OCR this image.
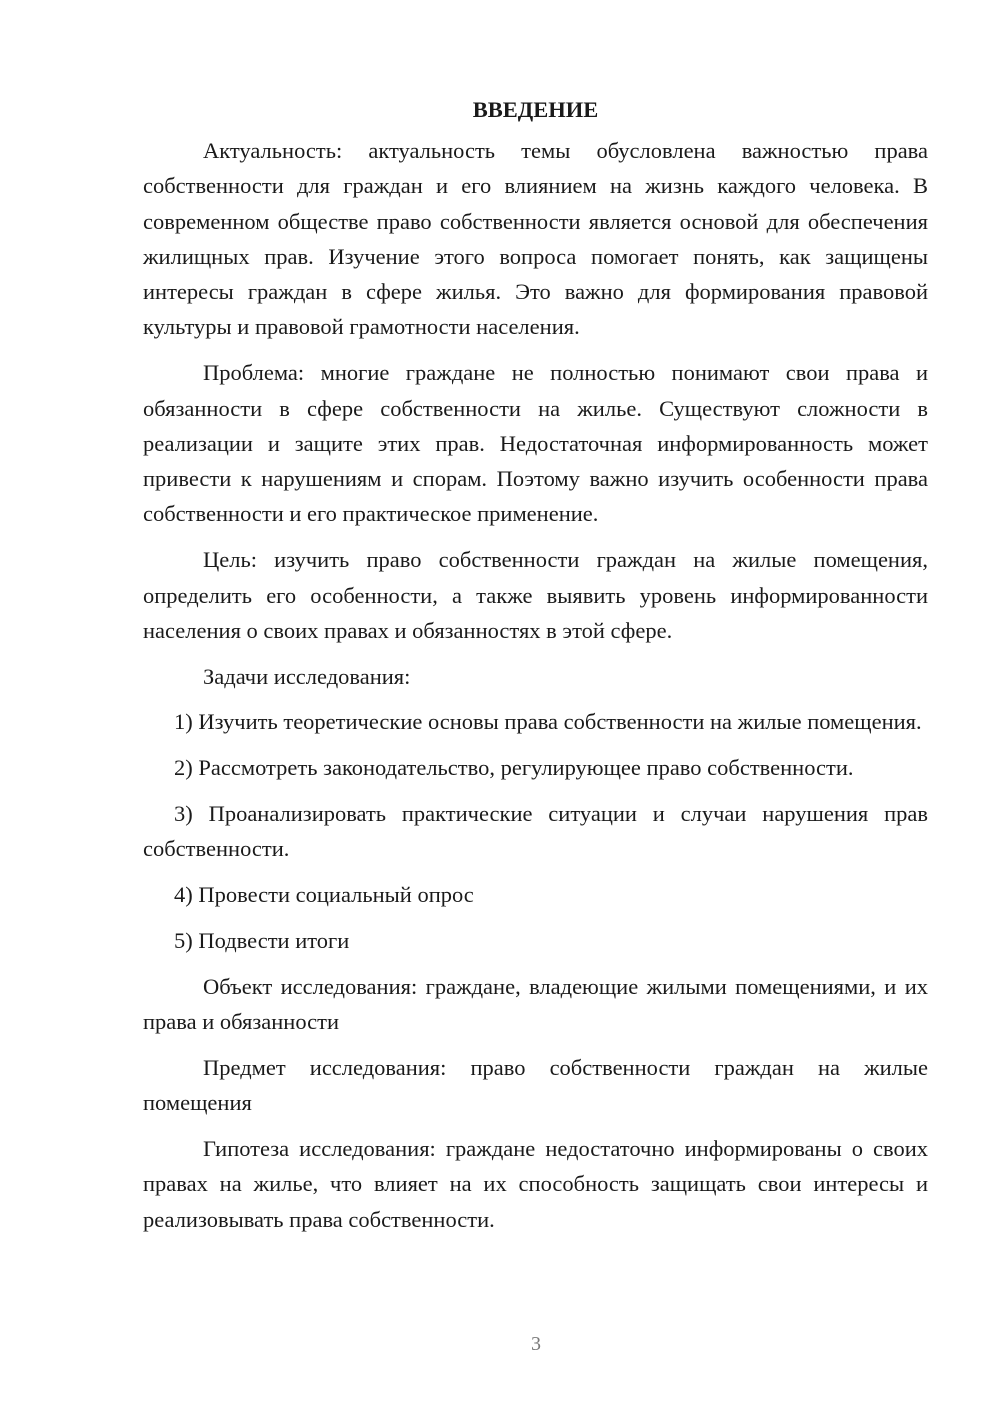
ВВЕДЕНИЕ

Актуальность: актуальность темы обусловлена важностью права собственности для граждан и его влиянием на жизнь каждого человека. В современном обществе право собственности является основой для обеспечения жилищных прав. Изучение этого вопроса помогает понять, как защищены интересы граждан в сфере жилья. Это важно для формирования правовой культуры и правовой грамотности населения.

Проблема: многие граждане не полностью понимают свои права и обязанности в сфере собственности на жилье. Существуют сложности в реализации и защите этих прав. Недостаточная информированность может привести к нарушениям и спорам. Поэтому важно изучить особенности права собственности и его практическое применение.

Цель: изучить право собственности граждан на жилые помещения, определить его особенности, а также выявить уровень информированности населения о своих правах и обязанностях в этой сфере.

Задачи исследования:

1) Изучить теоретические основы права собственности на жилые помещения.

2) Рассмотреть законодательство, регулирующее право собственности.

3) Проанализировать практические ситуации и случаи нарушения прав собственности.

4) Провести социальный опрос

5) Подвести итоги

Объект исследования: граждане, владеющие жилыми помещениями, и их права и обязанности

Предмет исследования: право собственности граждан на жилые помещения

Гипотеза исследования: граждане недостаточно информированы о своих правах на жилье, что влияет на их способность защищать свои интересы и реализовывать права собственности.

3
